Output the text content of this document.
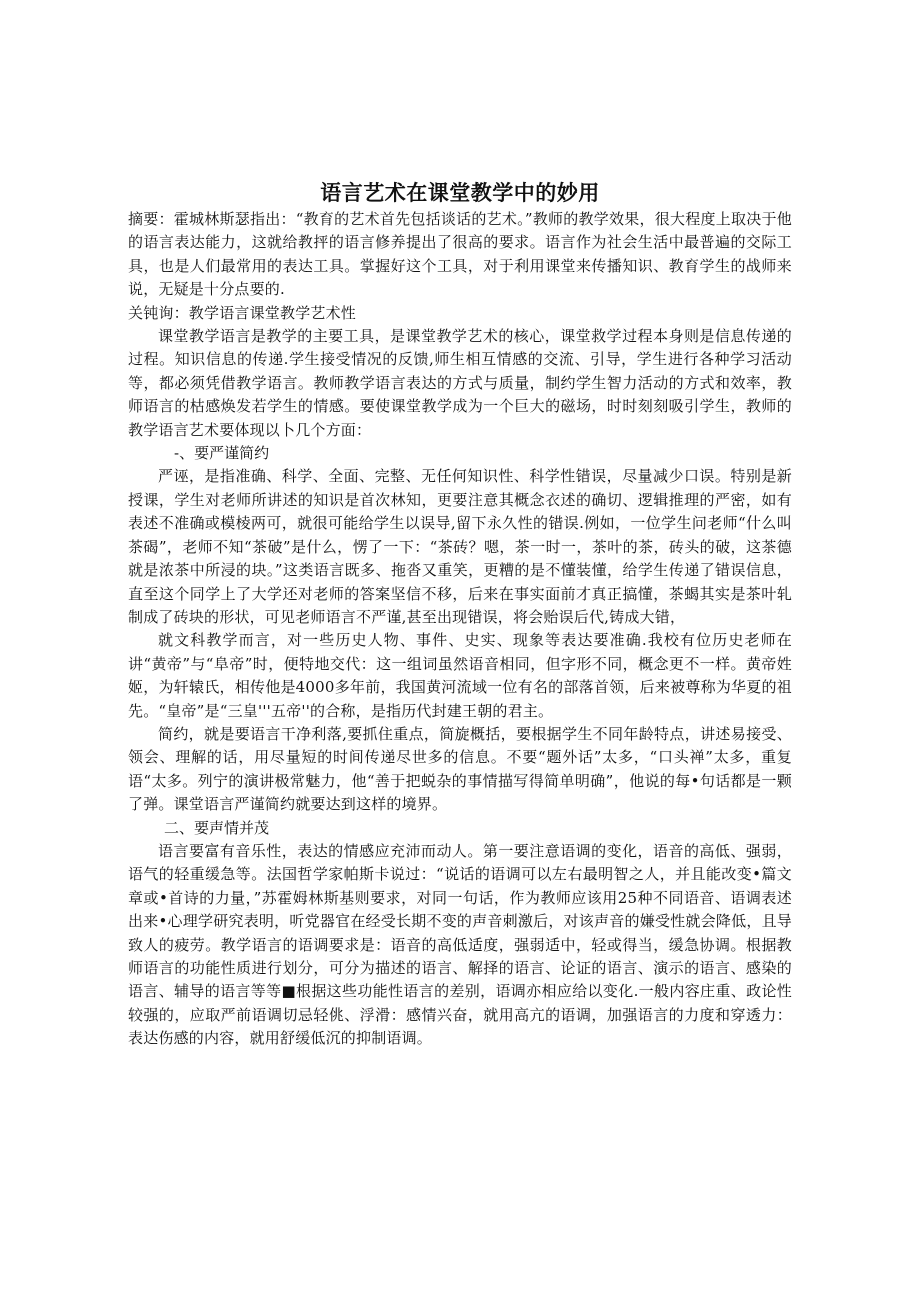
语言艺术在课堂教学中的妙用

摘要：霍城林斯瑟指出：“教育的艺术首先包括谈话的艺术。”教师的教学效果，很大程度上取决于他的语言表达能力，这就给教抨的语言修养提出了很高的要求。语言作为社会生活中最普遍的交际工具，也是人们最常用的表达工具。掌握好这个工具，对于利用课堂来传播知识、教育学生的战师来说，无疑是十分点要的.

关钝询：教学语言课堂教学艺术性

课堂教学语言是教学的主要工具，是课堂教学艺术的核心，课堂救学过程本身则是信息传递的过程。知识信息的传递.学生接受情况的反馈,师生相互情感的交流、引导，学生进行各种学习活动等，都必须凭借教学语言。教师教学语言表达的方式与质量，制约学生智力活动的方式和效率，教师语言的枯感焕发若学生的情感。要使课堂教学成为一个巨大的磁场，时时刻刻吸引学生，教师的教学语言艺术要体现以卜几个方面：

-、要严谨简约

严诬，是指准确、科学、全面、完整、无任何知识性、科学性错误，尽量减少口误。特别是新授课，学生对老师所讲述的知识是首次林知，更要注意其概念衣述的确切、逻辑推理的严密，如有表述不准确或模棱两可，就很可能给学生以误导,留下永久性的错误.例如，一位学生问老师“什么叫茶碣”，老师不知“茶破”是什么，愣了一下：“茶砖？嗯，茶一时一，茶叶的茶，砖头的破，这茶德就是浓茶中所浸的块。”这类语言既多、拖沓又重笑，更糟的是不懂装懂，给学生传递了错误信息，直至这个同学上了大学还对老师的答案坚信不移，后来在事实面前才真正搞懂，茶蝎其实是茶叶轧制成了砖块的形状，可见老师语言不严谨,甚至出现错误，将会贻误后代,铸成大错，

就文科教学而言，对一些历史人物、事件、史实、现象等表达要准确.我校有位历史老师在讲“黄帝”与“阜帝”时，便特地交代：这一组词虽然语音相同，但字形不同，概念更不一样。黄帝姓姬，为轩辕氏，相传他是4000多年前，我国黄河流域一位有名的部落首领，后来被尊称为华夏的祖先。“皇帝”是“三皇'''五帝''的合称，是指历代封建王朝的君主。

简约，就是要语言干净利落,要抓住重点，简旋概括，要根据学生不同年龄特点，讲述易接受、领会、理解的话，用尽量短的时间传递尽世多的信息。不要“题外话”太多，“口头禅”太多，重复语“太多。列宁的演讲极常魅力，他“善于把蜕杂的事情描写得简单明确”，他说的每•句话都是一颗了弹。课堂语言严谨简约就要达到这样的境界。

二、要声情并茂

语言要富有音乐性，表达的情感应充沛而动人。第一要注意语调的变化，语音的高低、强弱，语气的轻重缓急等。法国哲学家帕斯卡说过：“说话的语调可以左右最明智之人，并且能改变•篇文章或•首诗的力量，”苏霍姆林斯基则要求，对同一句话，作为教师应该用25种不同语音、语调表述出来•心理学研究表明，听党器官在经受长期不变的声音刺激后，对该声音的嫌受性就会降低，且导致人的疲劳。教学语言的语调要求是：语音的高低适度，强弱适中，轻或得当，缓急协调。根据教师语言的功能性质进行划分，可分为描述的语言、解择的语言、论证的语言、演示的语言、感染的语言、辅导的语言等等■根据这些功能性语言的差别，语调亦相应给以变化.一般内容庄重、政论性较强的，应取严前语调切忌轻佻、浮滑：感情兴奋，就用高亢的语调，加强语言的力度和穿透力：表达伤感的内容，就用舒缓低沉的抑制语调。
